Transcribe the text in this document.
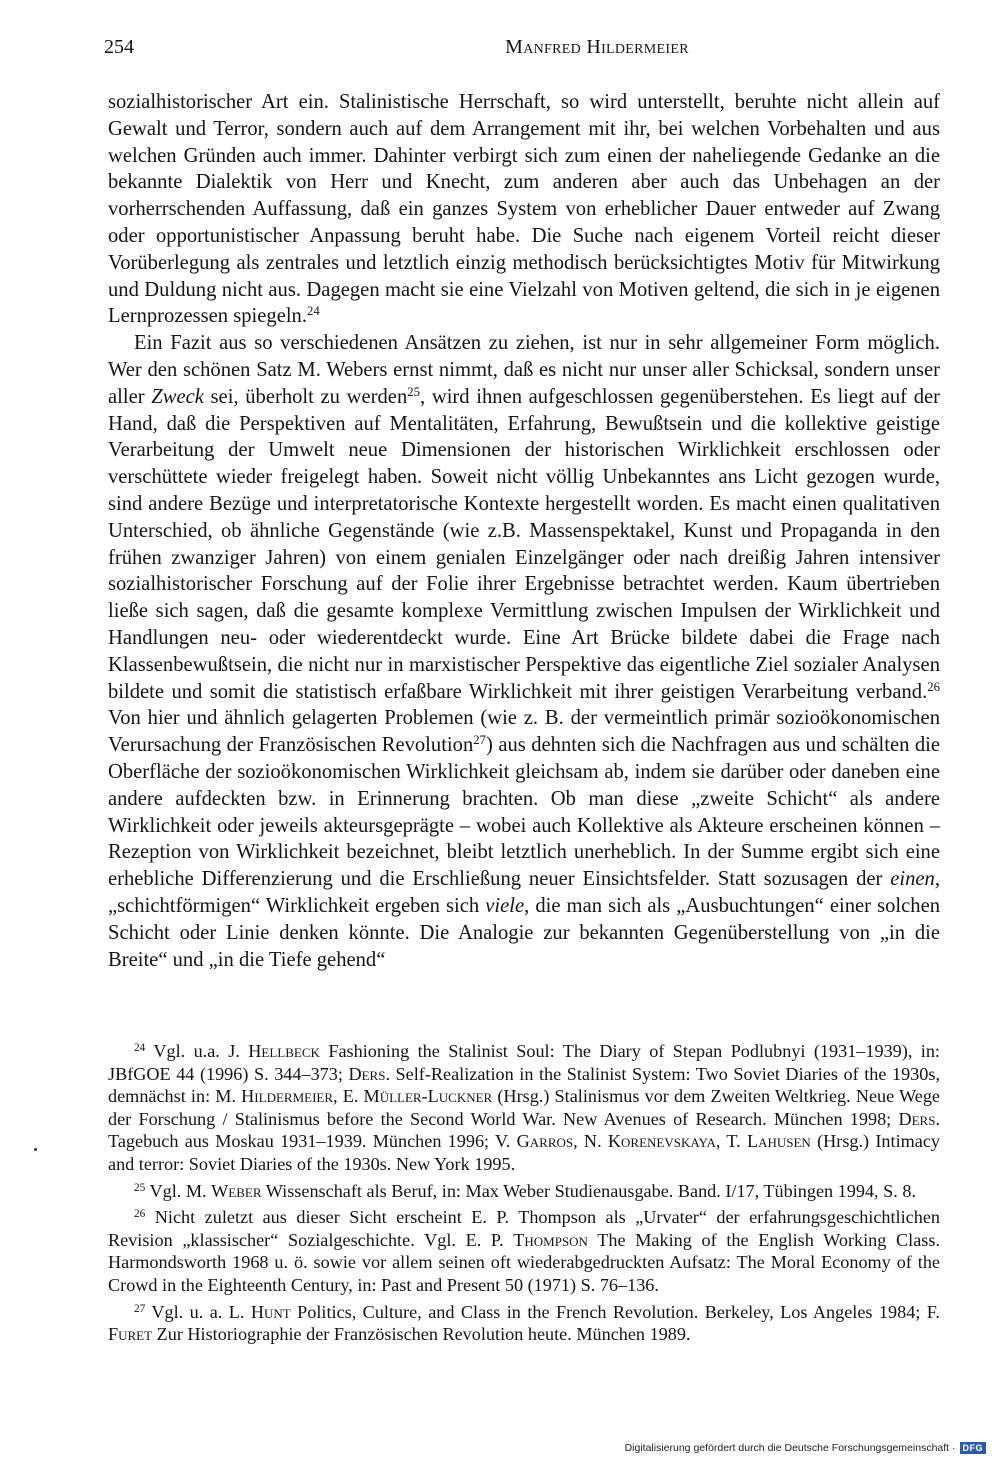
254	Manfred Hildermeier

sozialhistorischer Art ein. Stalinistische Herrschaft, so wird unterstellt, beruhte nicht allein auf Gewalt und Terror, sondern auch auf dem Arrangement mit ihr, bei welchen Vorbehalten und aus welchen Gründen auch immer. Dahinter verbirgt sich zum einen der naheliegende Gedanke an die bekannte Dialektik von Herr und Knecht, zum anderen aber auch das Unbehagen an der vorherrschenden Auffassung, daß ein ganzes System von erheblicher Dauer entweder auf Zwang oder opportunistischer Anpassung beruht habe. Die Suche nach eigenem Vorteil reicht dieser Vorüberlegung als zentrales und letztlich einzig methodisch berücksichtigtes Motiv für Mitwirkung und Duldung nicht aus. Dagegen macht sie eine Vielzahl von Motiven geltend, die sich in je eigenen Lernprozessen spiegeln.$^{24}$

Ein Fazit aus so verschiedenen Ansätzen zu ziehen, ist nur in sehr allgemeiner Form möglich. Wer den schönen Satz M. Webers ernst nimmt, daß es nicht nur unser aller Schicksal, sondern unser aller Zweck sei, überholt zu werden$^{25}$, wird ihnen aufgeschlossen gegenüberstehen. Es liegt auf der Hand, daß die Perspektiven auf Mentalitäten, Erfahrung, Bewußtsein und die kollektive geistige Verarbeitung der Umwelt neue Dimensionen der historischen Wirklichkeit erschlossen oder verschüttete wieder freigelegt haben. Soweit nicht völlig Unbekanntes ans Licht gezogen wurde, sind andere Bezüge und interpretatorische Kontexte hergestellt worden. Es macht einen qualitativen Unterschied, ob ähnliche Gegenstände (wie z.B. Massenspektakel, Kunst und Propaganda in den frühen zwanziger Jahren) von einem genialen Einzelgänger oder nach dreißig Jahren intensiver sozialhistorischer Forschung auf der Folie ihrer Ergebnisse betrachtet werden. Kaum übertrieben ließe sich sagen, daß die gesamte komplexe Vermittlung zwischen Impulsen der Wirklichkeit und Handlungen neu- oder wiederentdeckt wurde. Eine Art Brücke bildete dabei die Frage nach Klassenbewußtsein, die nicht nur in marxistischer Perspektive das eigentliche Ziel sozialer Analysen bildete und somit die statistisch erfaßbare Wirklichkeit mit ihrer geistigen Verarbeitung verband.$^{26}$ Von hier und ähnlich gelagerten Problemen (wie z. B. der vermeintlich primär sozioökonomischen Verursachung der Französischen Revolution$^{27}$) aus dehnten sich die Nachfragen aus und schälten die Oberfläche der sozioökonomischen Wirklichkeit gleichsam ab, indem sie darüber oder daneben eine andere aufdeckten bzw. in Erinnerung brachten. Ob man diese „zweite Schicht“ als andere Wirklichkeit oder jeweils akteursgeprägte – wobei auch Kollektive als Akteure erscheinen können – Rezeption von Wirklichkeit bezeichnet, bleibt letztlich unerheblich. In der Summe ergibt sich eine erhebliche Differenzierung und die Erschließung neuer Einsichtsfelder. Statt sozusagen der einen, „schichtförmigen“ Wirklichkeit ergeben sich viele, die man sich als „Ausbuchtungen“ einer solchen Schicht oder Linie denken könnte. Die Analogie zur bekannten Gegenüberstellung von „in die Breite“ und „in die Tiefe gehend“

$^{24}$ Vgl. u.a. J. Hellbeck Fashioning the Stalinist Soul: The Diary of Stepan Podlubnyi (1931–1939), in: JBfGOE 44 (1996) S. 344–373; Ders. Self-Realization in the Stalinist System: Two Soviet Diaries of the 1930s, demnächst in: M. Hildermeier, E. Müller-Luckner (Hrsg.) Stalinismus vor dem Zweiten Weltkrieg. Neue Wege der Forschung / Stalinismus before the Second World War. New Avenues of Research. München 1998; Ders. Tagebuch aus Moskau 1931–1939. München 1996; V. Garros, N. Korenevskaya, T. Lahusen (Hrsg.) Intimacy and terror: Soviet Diaries of the 1930s. New York 1995.

$^{25}$ Vgl. M. Weber Wissenschaft als Beruf, in: Max Weber Studienausgabe. Band. I/17, Tübingen 1994, S. 8.

$^{26}$ Nicht zuletzt aus dieser Sicht erscheint E. P. Thompson als „Urvater“ der erfahrungsgeschichtlichen Revision „klassischer“ Sozialgeschichte. Vgl. E. P. Thompson The Making of the English Working Class. Harmondsworth 1968 u. ö. sowie vor allem seinen oft wiederabgedruckten Aufsatz: The Moral Economy of the Crowd in the Eighteenth Century, in: Past and Present 50 (1971) S. 76–136.

$^{27}$ Vgl. u. a. L. Hunt Politics, Culture, and Class in the French Revolution. Berkeley, Los Angeles 1984; F. Furet Zur Historiographie der Französischen Revolution heute. München 1989.

Digitalisierung gefördert durch die Deutsche Forschungsgemeinschaft · DFG
